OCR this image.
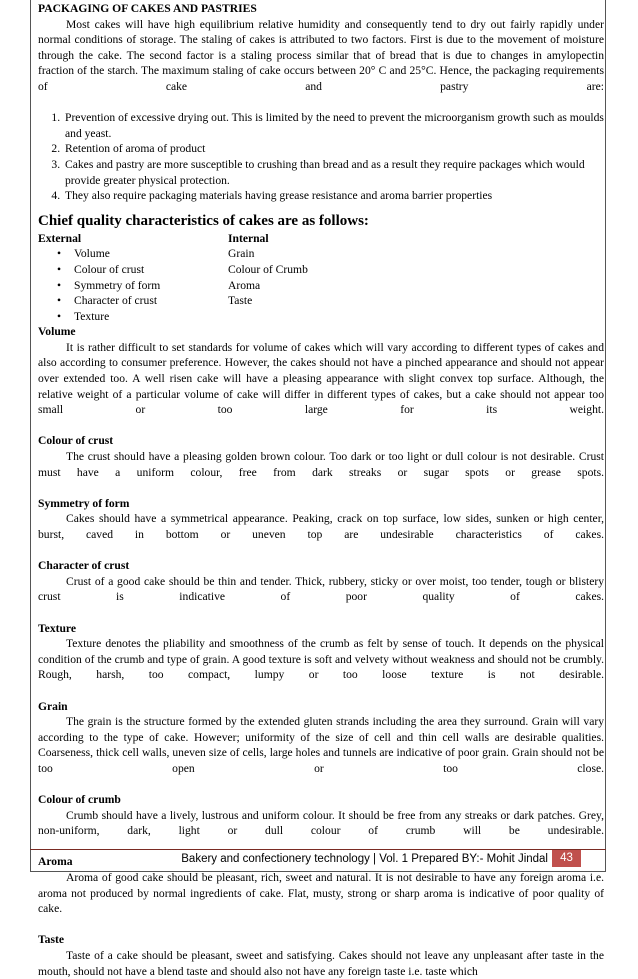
PACKAGING OF CAKES AND PASTRIES
Most cakes will have high equilibrium relative humidity and consequently tend to dry out fairly rapidly under normal conditions of storage. The staling of cakes is attributed to two factors. First is due to the movement of moisture through the cake. The second factor is a staling process similar that of bread that is due to changes in amylopectin fraction of the starch. The maximum staling of cake occurs between 20° C and 25°C. Hence, the packaging requirements of cake and pastry are:
1. Prevention of excessive drying out. This is limited by the need to prevent the microorganism growth such as moulds and yeast.
2. Retention of aroma of product
3. Cakes and pastry are more susceptible to crushing than bread and as a result they require packages which would provide greater physical protection.
4. They also require packaging materials having grease resistance and aroma barrier properties
Chief quality characteristics of cakes are as follows:
External
• Volume
• Colour of crust
• Symmetry of form
• Character of crust
• Texture
Internal
Grain
Colour of Crumb
Aroma
Taste
Volume
It is rather difficult to set standards for volume of cakes which will vary according to different types of cakes and also according to consumer preference. However, the cakes should not have a pinched appearance and should not appear over extended too. A well risen cake will have a pleasing appearance with slight convex top surface. Although, the relative weight of a particular volume of cake will differ in different types of cakes, but a cake should not appear too small or too large for its weight.
Colour of crust
The crust should have a pleasing golden brown colour. Too dark or too light or dull colour is not desirable. Crust must have a uniform colour, free from dark streaks or sugar spots or grease spots.
Symmetry of form
Cakes should have a symmetrical appearance. Peaking, crack on top surface, low sides, sunken or high center, burst, caved in bottom or uneven top are undesirable characteristics of cakes.
Character of crust
Crust of a good cake should be thin and tender. Thick, rubbery, sticky or over moist, too tender, tough or blistery crust is indicative of poor quality of cakes.
Texture
Texture denotes the pliability and smoothness of the crumb as felt by sense of touch. It depends on the physical condition of the crumb and type of grain. A good texture is soft and velvety without weakness and should not be crumbly. Rough, harsh, too compact, lumpy or too loose texture is not desirable.
Grain
The grain is the structure formed by the extended gluten strands including the area they surround. Grain will vary according to the type of cake. However; uniformity of the size of cell and thin cell walls are desirable qualities. Coarseness, thick cell walls, uneven size of cells, large holes and tunnels are indicative of poor grain. Grain should not be too open or too close.
Colour of crumb
Crumb should have a lively, lustrous and uniform colour. It should be free from any streaks or dark patches. Grey, non-uniform, dark, light or dull colour of crumb will be undesirable.
Aroma
Aroma of good cake should be pleasant, rich, sweet and natural. It is not desirable to have any foreign aroma i.e. aroma not produced by normal ingredients of cake. Flat, musty, strong or sharp aroma is indicative of poor quality of cake.
Taste
Taste of a cake should be pleasant, sweet and satisfying. Cakes should not leave any unpleasant after taste in the mouth, should not have a blend taste and should also not have any foreign taste i.e. taste which
Bakery and confectionery technology | Vol. 1 Prepared BY:- Mohit Jindal	43
